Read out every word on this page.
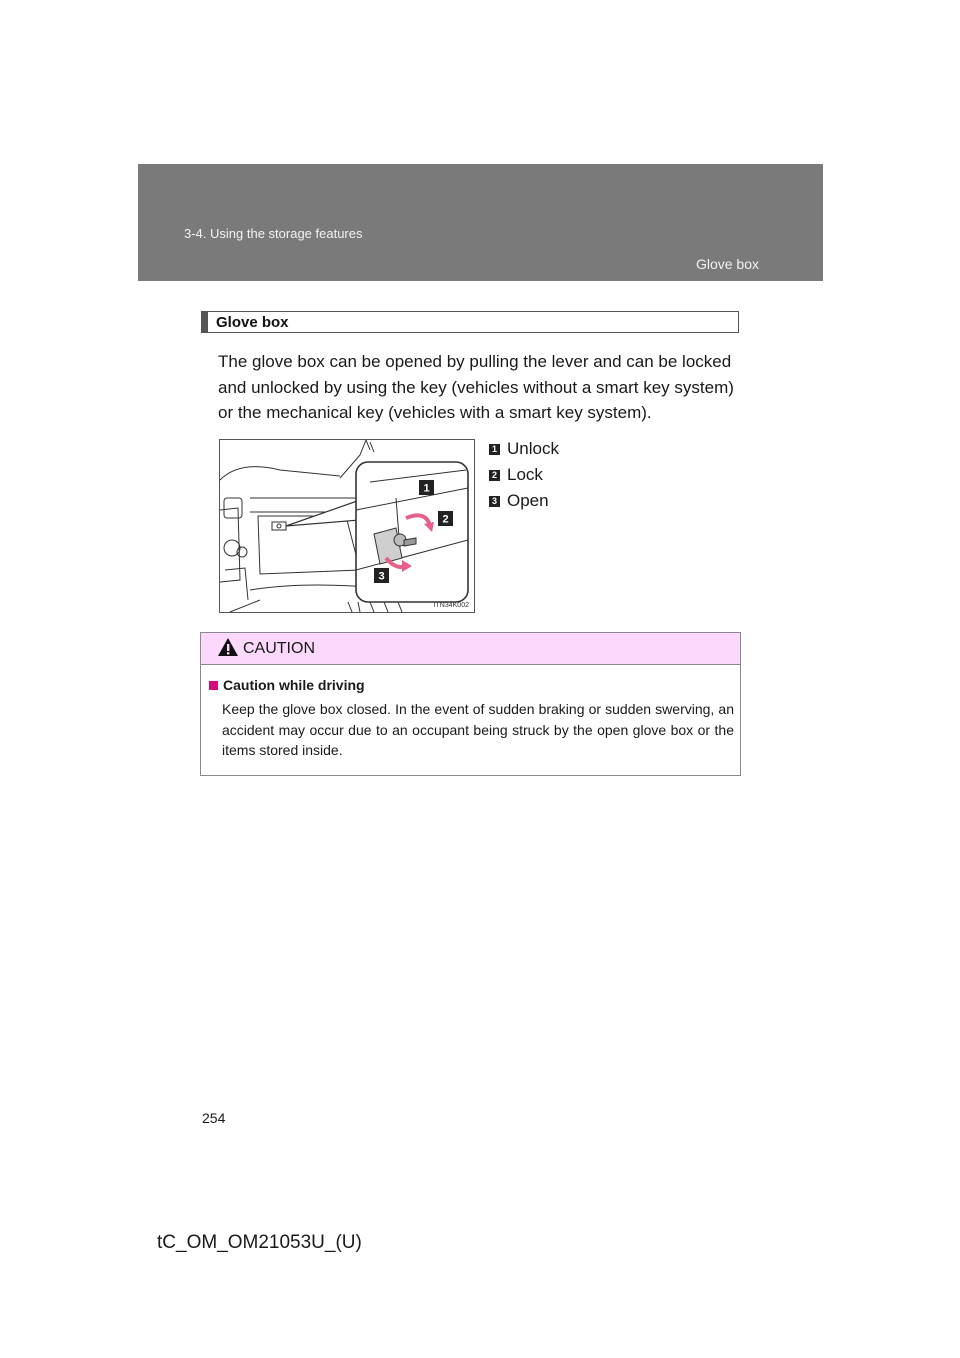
3-4. Using the storage features
Glove box
Glove box
The glove box can be opened by pulling the lever and can be locked and unlocked by using the key (vehicles without a smart key system) or the mechanical key (vehicles with a smart key system).
1
2
3
ITN34K002
1 Unlock
2 Lock
3 Open
CAUTION
Caution while driving
Keep the glove box closed. In the event of sudden braking or sudden swerving, an accident may occur due to an occupant being struck by the open glove box or the items stored inside.
254
tC_OM_OM21053U_(U)
